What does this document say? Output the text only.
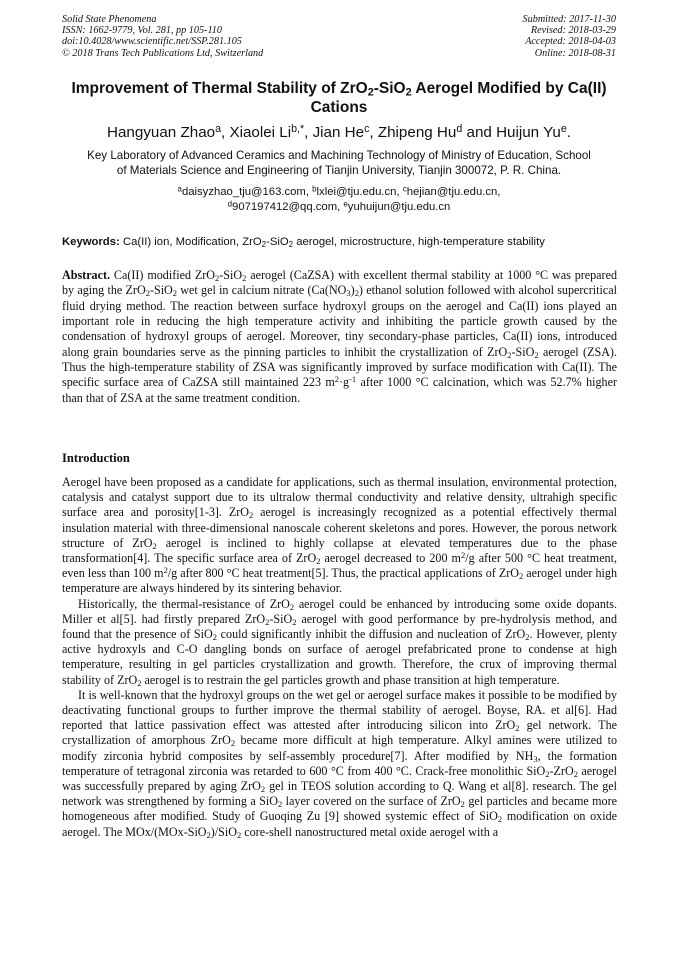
Solid State Phenomena
ISSN: 1662-9779, Vol. 281, pp 105-110
doi:10.4028/www.scientific.net/SSP.281.105
© 2018 Trans Tech Publications Ltd, Switzerland
Submitted: 2017-11-30
Revised: 2018-03-29
Accepted: 2018-04-03
Online: 2018-08-31
Improvement of Thermal Stability of ZrO$_2$-SiO$_2$ Aerogel Modified by Ca(II)
Cations
Hangyuan Zhao$^a$, Xiaolei $Li^{b,*}$, Jian He$^c$, Zhipeng Hu$^d$ and Huijun Yu$^e$.
Key Laboratory of Advanced Ceramics and Machining Technology of Ministry of Education, School
of Materials Science and Engineering of Tianjin University, Tianjin 300072, P. R. China.
$^a$daisyzhao_tju@163.com, $^b$lxlei@tju.edu.cn, $^c$hejian@tju.edu.cn,
$^d$907197412@qq.com, $^e$yuhuijun@tju.edu.cn
Keywords: Ca(II) ion, Modification, ZrO$_2$-SiO$_2$ aerogel, microstructure, high-temperature stability
Abstract. Ca(II) modified ZrO$_2$-SiO$_2$ aerogel (CaZSA) with excellent thermal stability at 1000 °C was prepared by aging the ZrO$_2$-SiO$_2$ wet gel in calcium nitrate $(Ca(NO_3)_2)$ ethanol solution followed with alcohol supercritical fluid drying method. The reaction between surface hydroxyl groups on the aerogel and Ca(II) ions played an important role in reducing the high temperature activity and inhibiting the particle growth caused by the condensation of hydroxyl groups of aerogel. Moreover, tiny secondary-phase particles, Ca(II) ions, introduced along grain boundaries serve as the pinning particles to inhibit the crystallization of ZrO$_2$-SiO$_2$ aerogel (ZSA). Thus the high-temperature stability of ZSA was significantly improved by surface modification with Ca(II). The specific surface area of CaZSA still maintained 223 $m^2\cdot g^{-1}$ after 1000 °C calcination, which was 52.7% higher than that of ZSA at the same treatment condition.
Introduction

Aerogel have been proposed as a candidate for applications, such as thermal insulation, environmental protection, catalysis and catalyst support due to its ultralow thermal conductivity and relative density, ultrahigh specific surface area and porosity[1-3]. ZrO$_2$ aerogel is increasingly recognized as a potential effectively thermal insulation material with three-dimensional nanoscale coherent skeletons and pores. However, the porous network structure of ZrO$_2$ aerogel is inclined to highly collapse at elevated temperatures due to the phase transformation[4]. The specific surface area of ZrO$_2$ aerogel decreased to 200 $m^2/g$ after 500 °C heat treatment, even less than 100 $m^2/g$ after 800 °C heat treatment[5]. Thus, the practical applications of ZrO$_2$ aerogel under high temperature are always hindered by its sintering behavior.

Historically, the thermal-resistance of ZrO$_2$ aerogel could be enhanced by introducing some oxide dopants. Miller et al[5]. had firstly prepared ZrO$_2$-SiO$_2$ aerogel with good performance by pre-hydrolysis method, and found that the presence of SiO$_2$ could significantly inhibit the diffusion and nucleation of ZrO$_2$. However, plenty active hydroxyls and C-O dangling bonds on surface of aerogel prefabricated prone to condense at high temperature, resulting in gel particles crystallization and growth. Therefore, the crux of improving thermal stability of ZrO$_2$ aerogel is to restrain the gel particles growth and phase transition at high temperature.

It is well-known that the hydroxyl groups on the wet gel or aerogel surface makes it possible to be modified by deactivating functional groups to further improve the thermal stability of aerogel. Boyse, RA. et al[6]. Had reported that lattice passivation effect was attested after introducing silicon into ZrO$_2$ gel network. The crystallization of amorphous ZrO$_2$ became more difficult at high temperature. Alkyl amines were utilized to modify zirconia hybrid composites by self-assembly procedure[7]. After modified by $NH_3$, the formation temperature of tetragonal zirconia was retarded to 600 °C from 400 °C. Crack-free monolithic SiO$_2$-ZrO$_2$ aerogel was successfully prepared by aging ZrO$_2$ gel in TEOS solution according to Q. Wang et al[8]. research. The gel network was strengthened by forming a SiO$_2$ layer covered on the surface of ZrO$_2$ gel particles and became more homogeneous after modified. Study of Guoqing Zu [9] showed systemic effect of SiO$_2$ modification on oxide aerogel. The MOx/(MOx-SiO$_2$)/SiO$_2$ core-shell nanostructured metal oxide aerogel with a
